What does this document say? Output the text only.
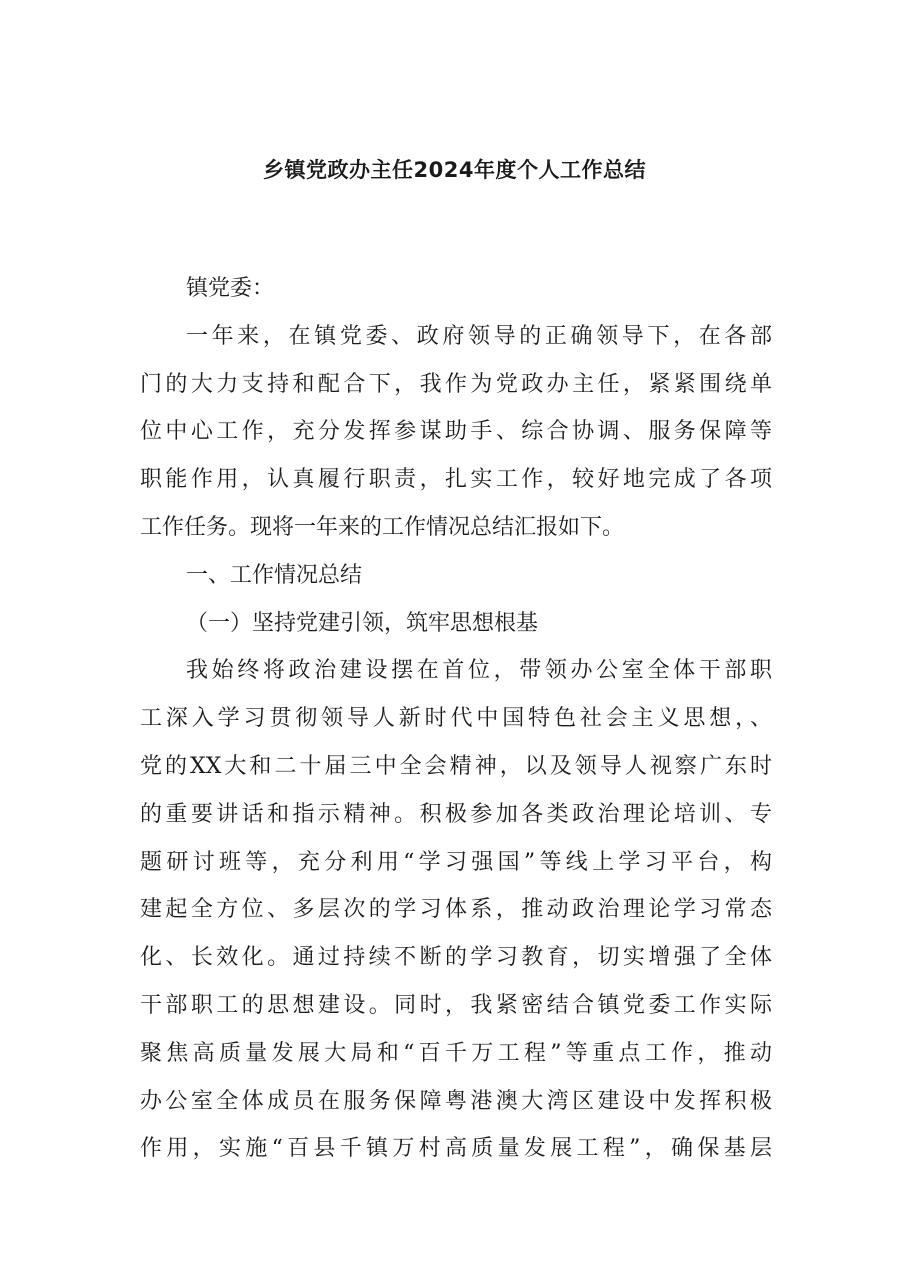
乡镇党政办主任2024年度个人工作总结
镇党委：
一年来，在镇党委、政府领导的正确领导下，在各部
门的大力支持和配合下，我作为党政办主任，紧紧围绕单
位中心工作，充分发挥参谋助手、综合协调、服务保障等
职能作用，认真履行职责，扎实工作，较好地完成了各项
工作任务。现将一年来的工作情况总结汇报如下。
一、工作情况总结
（一）坚持党建引领，筑牢思想根基
我始终将政治建设摆在首位，带领办公室全体干部职
工深入学习贯彻领导人新时代中国特色社会主义思想，、
党的XX大和二十届三中全会精神，以及领导人视察广东时
的重要讲话和指示精神。积极参加各类政治理论培训、专
题研讨班等，充分利用“学习强国”等线上学习平台，构
建起全方位、多层次的学习体系，推动政治理论学习常态
化、长效化。通过持续不断的学习教育，切实增强了全体
干部职工的思想建设。同时，我紧密结合镇党委工作实际
聚焦高质量发展大局和“百千万工程”等重点工作，推动
办公室全体成员在服务保障粤港澳大湾区建设中发挥积极
作用，实施“百县千镇万村高质量发展工程”，确保基层
